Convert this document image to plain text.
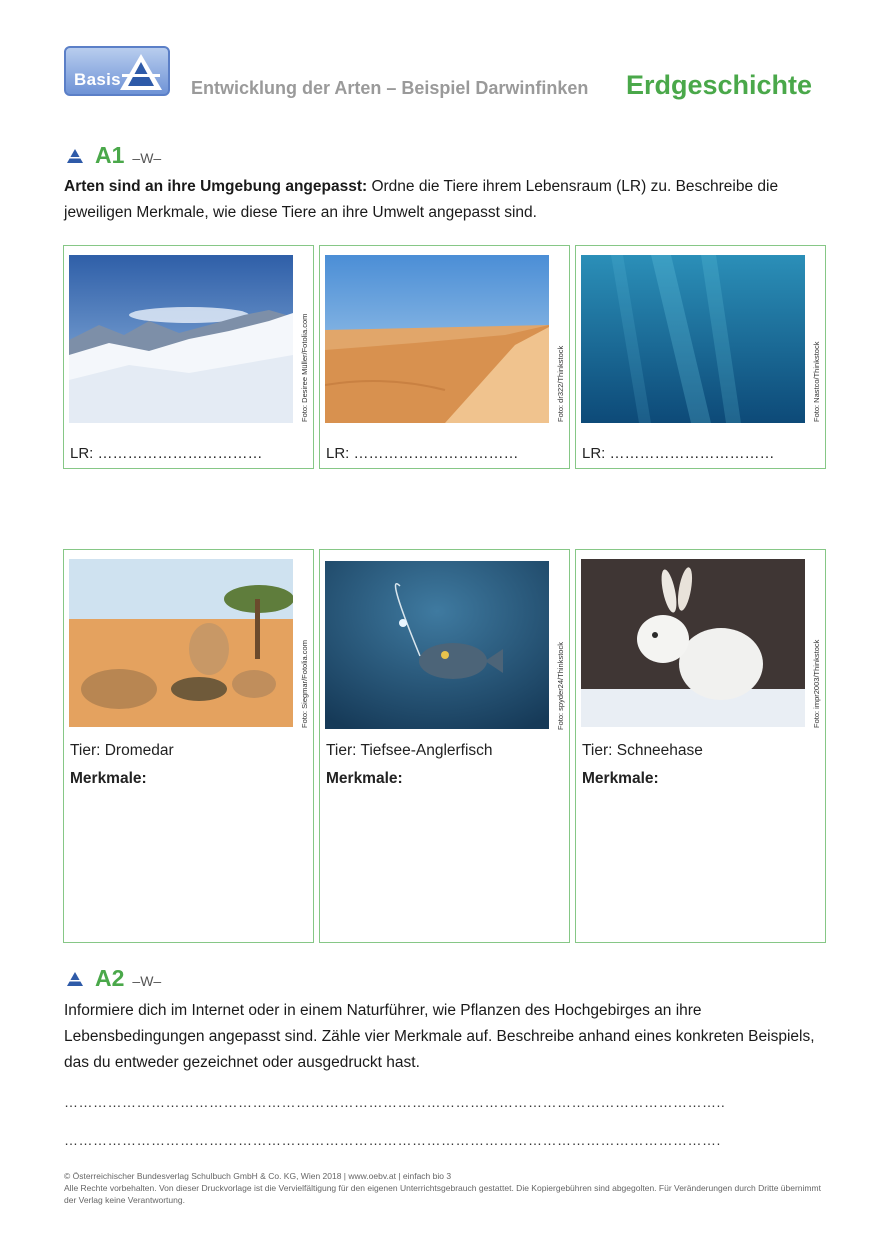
Basis	Entwicklung der Arten – Beispiel Darwinfinken Erdgeschichte
A1 –W–
Arten sind an ihre Umgebung angepasst: Ordne die Tiere ihrem Lebensraum (LR) zu. Beschreibe die jeweiligen Merkmale, wie diese Tiere an ihre Umwelt angepasst sind.
Foto: Desiree Müller/Fotolia.com
LR: ……………………………
Foto: dr322/Thinkstock
LR: ……………………………
Foto: Nastco/Thinkstock
LR: ……………………………
Foto: Siegmar/Fotolia.com
Tier: Dromedar
Merkmale:
Foto: spyder24/Thinkstock
Tier: Tiefsee-Anglerfisch
Merkmale:
Foto: impr2003/Thinkstock
Tier: Schneehase
Merkmale:
A2 –W–
Informiere dich im Internet oder in einem Naturführer, wie Pflanzen des Hochgebirges an ihre Lebensbedingungen angepasst sind. Zähle vier Merkmale auf. Beschreibe anhand eines konkreten Beispiels, das du entweder gezeichnet oder ausgedruckt hast.
………………………………………………………………………………………………………………………..
……………………………………………………………………………………………………………………….
© Österreichischer Bundesverlag Schulbuch GmbH & Co. KG, Wien 2018 | www.oebv.at | einfach bio 3
Alle Rechte vorbehalten. Von dieser Druckvorlage ist die Vervielfältigung für den eigenen Unterrichtsgebrauch gestattet. Die Kopiergebühren sind abgegolten. Für Veränderungen durch Dritte übernimmt der Verlag keine Verantwortung.
